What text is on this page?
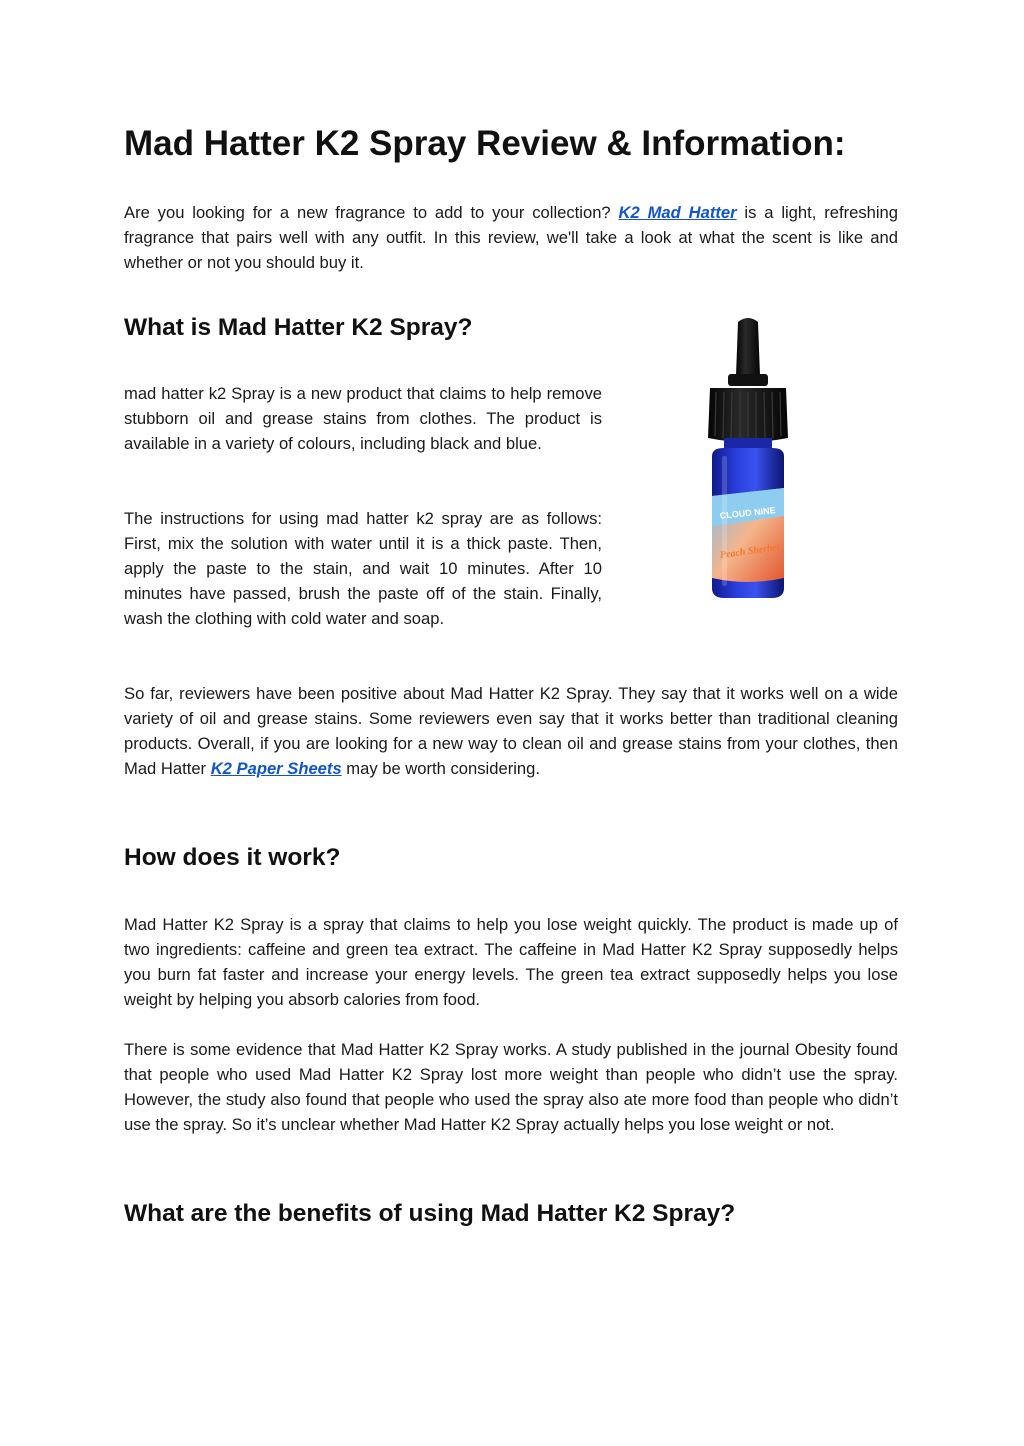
Mad Hatter K2 Spray Review & Information:

Are you looking for a new fragrance to add to your collection? K2 Mad Hatter is a light, refreshing fragrance that pairs well with any outfit. In this review, we'll take a look at what the scent is like and whether or not you should buy it.

What is Mad Hatter K2 Spray?

mad hatter k2 Spray is a new product that claims to help remove stubborn oil and grease stains from clothes. The product is available in a variety of colours, including black and blue.

The instructions for using mad hatter k2 spray are as follows: First, mix the solution with water until it is a thick paste. Then, apply the paste to the stain, and wait 10 minutes. After 10 minutes have passed, brush the paste off of the stain. Finally, wash the clothing with cold water and soap.

So far, reviewers have been positive about Mad Hatter K2 Spray. They say that it works well on a wide variety of oil and grease stains. Some reviewers even say that it works better than traditional cleaning products. Overall, if you are looking for a new way to clean oil and grease stains from your clothes, then Mad Hatter K2 Paper Sheets may be worth considering.

How does it work?

Mad Hatter K2 Spray is a spray that claims to help you lose weight quickly. The product is made up of two ingredients: caffeine and green tea extract. The caffeine in Mad Hatter K2 Spray supposedly helps you burn fat faster and increase your energy levels. The green tea extract supposedly helps you lose weight by helping you absorb calories from food.

There is some evidence that Mad Hatter K2 Spray works. A study published in the journal Obesity found that people who used Mad Hatter K2 Spray lost more weight than people who didn’t use the spray. However, the study also found that people who used the spray also ate more food than people who didn’t use the spray. So it’s unclear whether Mad Hatter K2 Spray actually helps you lose weight or not.

What are the benefits of using Mad Hatter K2 Spray?
CLOUD NINE
Peach Sherbet
